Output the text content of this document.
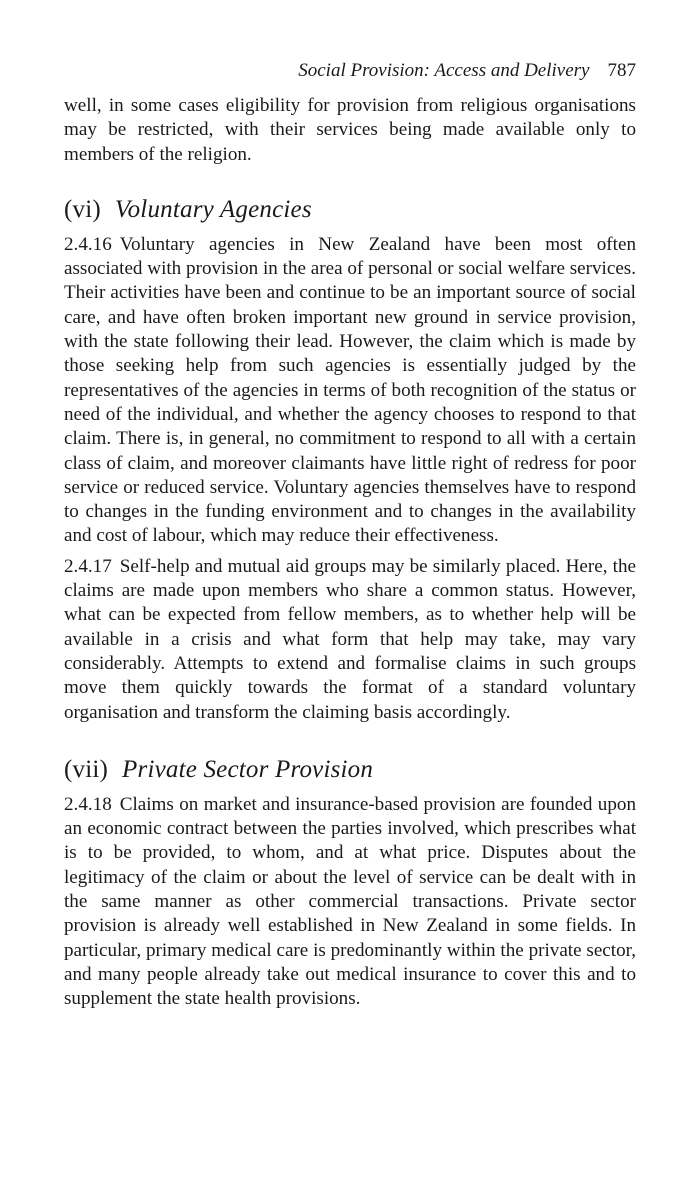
Social Provision: Access and Delivery 787

well, in some cases eligibility for provision from religious organisations may be restricted, with their services being made available only to members of the religion.

(vi) Voluntary Agencies

2.4.16 Voluntary agencies in New Zealand have been most often associated with provision in the area of personal or social welfare services. Their activities have been and continue to be an important source of social care, and have often broken important new ground in service provision, with the state following their lead. However, the claim which is made by those seeking help from such agencies is essentially judged by the representatives of the agencies in terms of both recognition of the status or need of the individual, and whether the agency chooses to respond to that claim. There is, in general, no commitment to respond to all with a certain class of claim, and moreover claimants have little right of redress for poor service or reduced service. Voluntary agencies themselves have to respond to changes in the funding environment and to changes in the availability and cost of labour, which may reduce their effectiveness.

2.4.17 Self-help and mutual aid groups may be similarly placed. Here, the claims are made upon members who share a common status. However, what can be expected from fellow members, as to whether help will be available in a crisis and what form that help may take, may vary considerably. Attempts to extend and formalise claims in such groups move them quickly towards the format of a standard voluntary organisation and transform the claiming basis accordingly.

(vii) Private Sector Provision

2.4.18 Claims on market and insurance-based provision are founded upon an economic contract between the parties involved, which prescribes what is to be provided, to whom, and at what price. Disputes about the legitimacy of the claim or about the level of service can be dealt with in the same manner as other commercial transactions. Private sector provision is already well established in New Zealand in some fields. In particular, primary medical care is predominantly within the private sector, and many people already take out medical insurance to cover this and to supplement the state health provisions.
